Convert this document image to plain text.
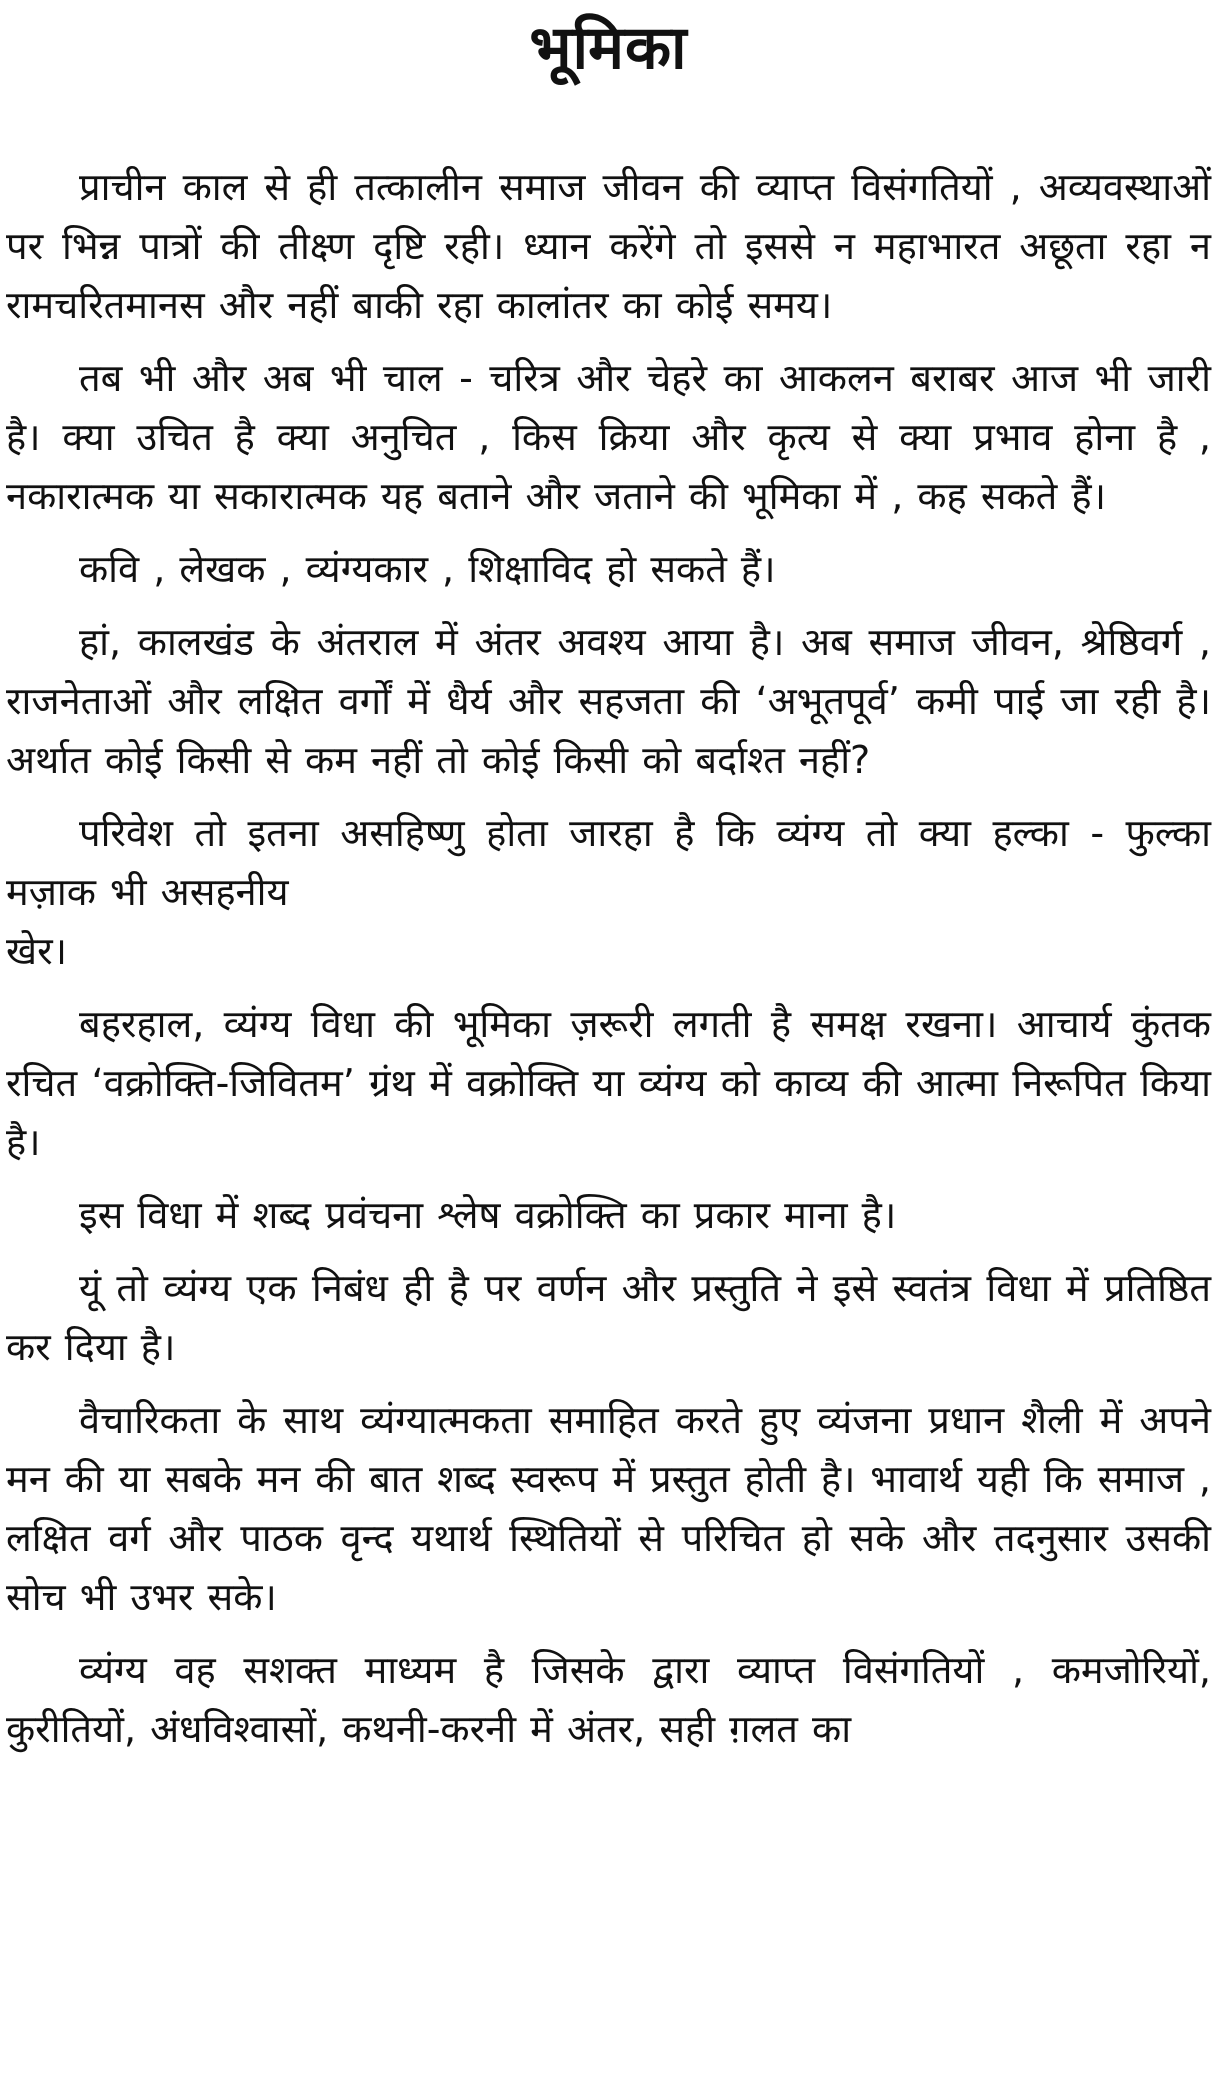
भूमिका

प्राचीन काल से ही तत्कालीन समाज जीवन की व्याप्त विसंगतियों , अव्यवस्थाओं पर भिन्न पात्रों की तीक्ष्ण दृष्टि रही। ध्यान करेंगे तो इससे न महाभारत अछूता रहा न रामचरितमानस और नहीं बाकी रहा कालांतर का कोई समय।

तब भी और अब भी चाल - चरित्र और चेहरे का आकलन बराबर आज भी जारी है। क्या उचित है क्या अनुचित , किस क्रिया और कृत्य से क्या प्रभाव होना है , नकारात्मक या सकारात्मक यह बताने और जताने की भूमिका में , कह सकते हैं।

कवि , लेखक , व्यंग्यकार , शिक्षाविद हो सकते हैं।

हां, कालखंड के अंतराल में अंतर अवश्य आया है। अब समाज जीवन, श्रेष्ठिवर्ग , राजनेताओं और लक्षित वर्गों में धैर्य और सहजता की ‘अभूतपूर्व’ कमी पाई जा रही है। अर्थात कोई किसी से कम नहीं तो कोई किसी को बर्दाश्त नहीं?

परिवेश तो इतना असहिष्णु होता जारहा है कि व्यंग्य तो क्या हल्का - फुल्का मज़ाक भी असहनीय

खेर।

बहरहाल, व्यंग्य विधा की भूमिका ज़रूरी लगती है समक्ष रखना। आचार्य कुंतक रचित ‘वक्रोक्ति-जिवितम’ ग्रंथ में वक्रोक्ति या व्यंग्य को काव्य की आत्मा निरूपित किया है।

इस विधा में शब्द प्रवंचना श्लेष वक्रोक्ति का प्रकार माना है।

यूं तो व्यंग्य एक निबंध ही है पर वर्णन और प्रस्तुति ने इसे स्वतंत्र विधा में प्रतिष्ठित कर दिया है।

वैचारिकता के साथ व्यंग्यात्मकता समाहित करते हुए व्यंजना प्रधान शैली में अपने मन की या सबके मन की बात शब्द स्वरूप में प्रस्तुत होती है। भावार्थ यही कि समाज , लक्षित वर्ग और पाठक वृन्द यथार्थ स्थितियों से परिचित हो सके और तदनुसार उसकी सोच भी उभर सके।

व्यंग्य वह सशक्त माध्यम है जिसके द्वारा व्याप्त विसंगतियों , कमजोरियों, कुरीतियों, अंधविश्वासों, कथनी-करनी में अंतर, सही ग़लत का
